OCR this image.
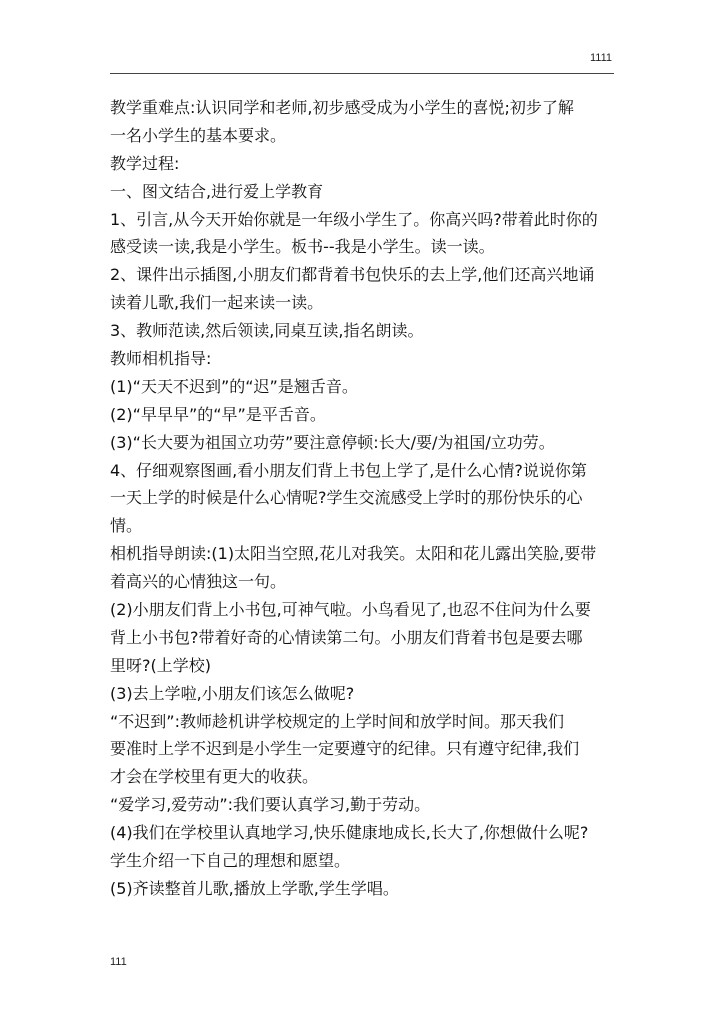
1111
教学重难点:认识同学和老师,初步感受成为小学生的喜悦;初步了解
一名小学生的基本要求。
教学过程:
一、图文结合,进行爱上学教育
1、引言,从今天开始你就是一年级小学生了。你高兴吗?带着此时你的
感受读一读,我是小学生。板书--我是小学生。读一读。
2、课件出示插图,小朋友们都背着书包快乐的去上学,他们还高兴地诵
读着儿歌,我们一起来读一读。
3、教师范读,然后领读,同桌互读,指名朗读。
教师相机指导:
(1)“天天不迟到”的“迟”是翘舌音。
(2)“早早早”的“早”是平舌音。
(3)“长大要为祖国立功劳”要注意停顿:长大/要/为祖国/立功劳。
4、仔细观察图画,看小朋友们背上书包上学了,是什么心情?说说你第
一天上学的时候是什么心情呢?学生交流感受上学时的那份快乐的心
情。
相机指导朗读:(1)太阳当空照,花儿对我笑。太阳和花儿露出笑脸,要带
着高兴的心情独这一句。
(2)小朋友们背上小书包,可神气啦。小鸟看见了,也忍不住问为什么要
背上小书包?带着好奇的心情读第二句。小朋友们背着书包是要去哪
里呀?(上学校)
(3)去上学啦,小朋友们该怎么做呢?
“不迟到”:教师趁机讲学校规定的上学时间和放学时间。那天我们
要准时上学不迟到是小学生一定要遵守的纪律。只有遵守纪律,我们
才会在学校里有更大的收获。
“爱学习,爱劳动”:我们要认真学习,勤于劳动。
(4)我们在学校里认真地学习,快乐健康地成长,长大了,你想做什么呢?
学生介绍一下自己的理想和愿望。
(5)齐读整首儿歌,播放上学歌,学生学唱。
111
